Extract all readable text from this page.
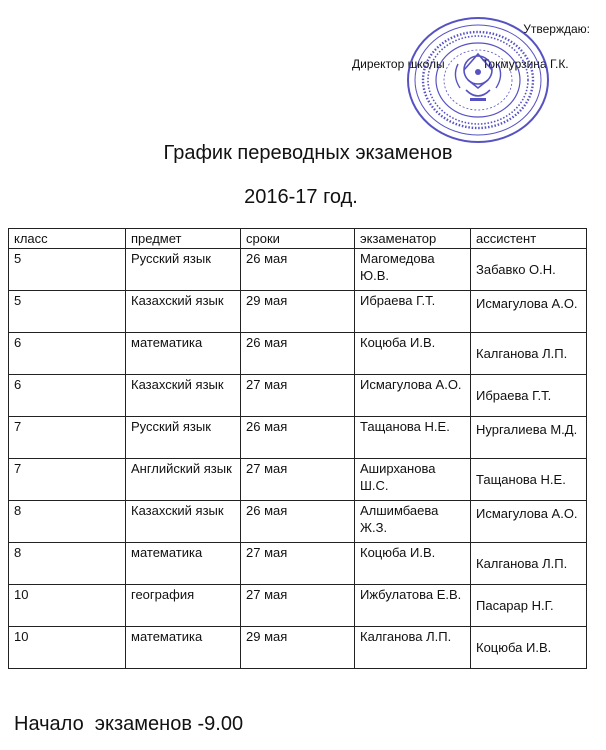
Утверждаю:
Директор школы	Токмурзина Г.К.
График переводных экзаменов
2016-17 год.
класс	предмет	сроки	экзаменатор	ассистент
5	Русский язык	26 мая	Магомедова Ю.В.	Забавко О.Н.
5	Казахский язык	29 мая	Ибраева Г.Т.	Исмагулова А.О.
6	математика	26 мая	Коцюба И.В.	Калганова Л.П.
6	Казахский язык	27 мая	Исмагулова А.О.	Ибраева Г.Т.
7	Русский язык	26 мая	Тащанова Н.Е.	Нургалиева М.Д.
7	Английский язык	27 мая	Аширханова Ш.С.	Тащанова Н.Е.
8	Казахский язык	26 мая	Алшимбаева Ж.З.	Исмагулова А.О.
8	математика	27 мая	Коцюба И.В.	Калганова Л.П.
10	география	27 мая	Ижбулатова Е.В.	Пасарар Н.Г.
10	математика	29 мая	Калганова Л.П.	Коцюба И.В.
Начало  экзаменов -9.00
